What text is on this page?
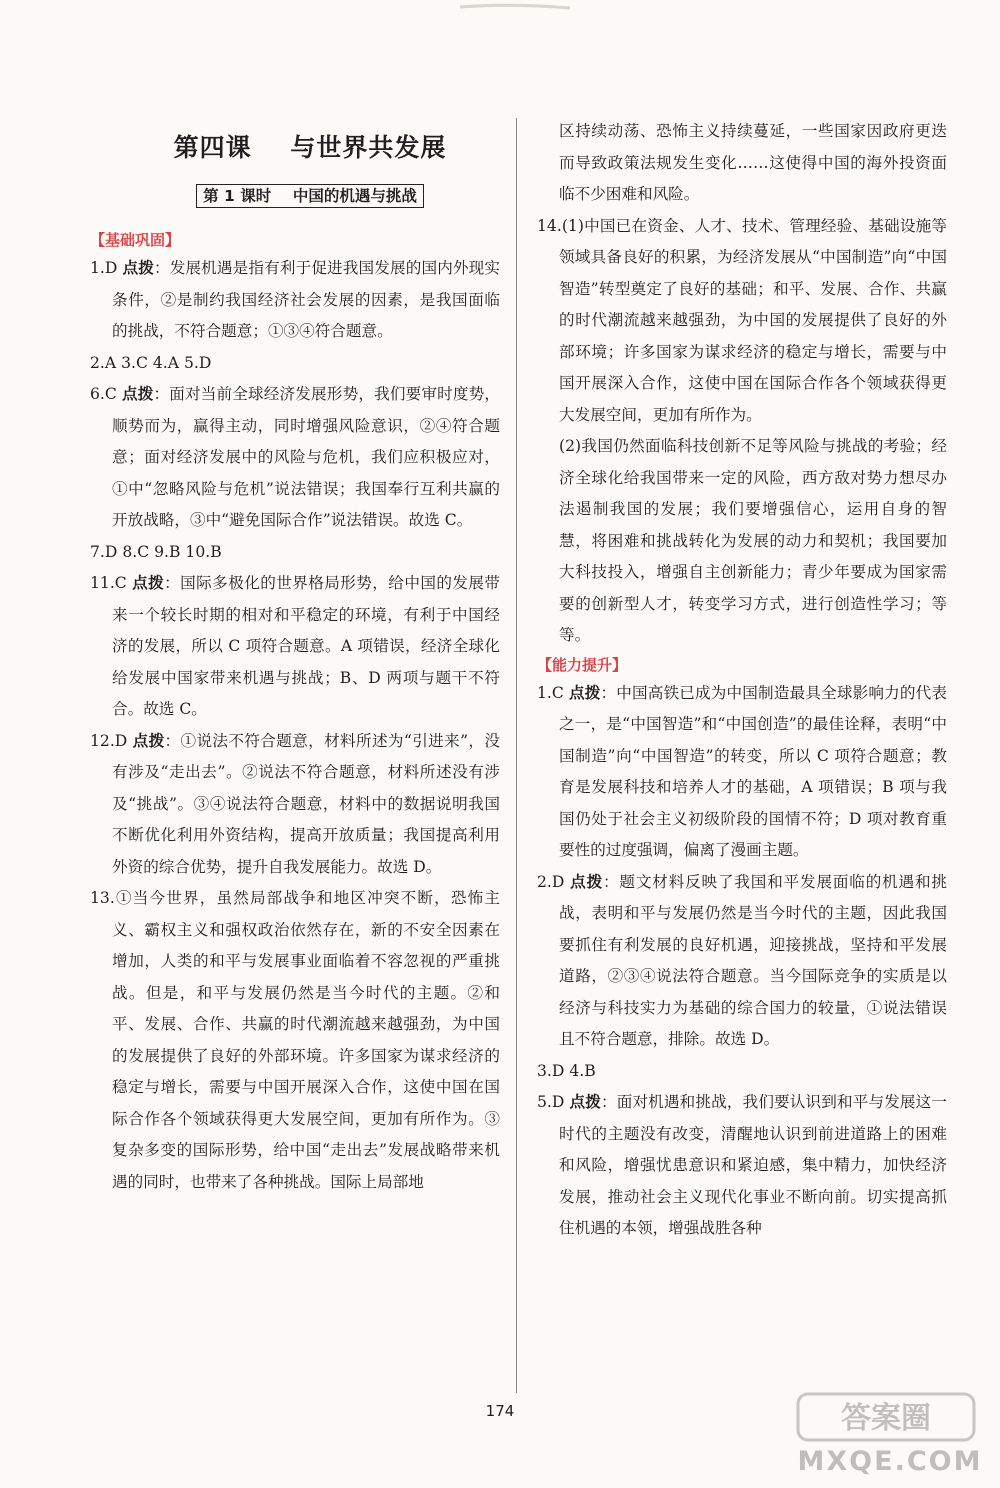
第四课    与世界共发展
第 1 课时    中国的机遇与挑战
【基础巩固】

1.D 点拨：发展机遇是指有利于促进我国发展的国内外现实条件，②是制约我国经济社会发展的因素，是我国面临的挑战，不符合题意；①③④符合题意。

2.A 3.C 4.A 5.D

6.C 点拨：面对当前全球经济发展形势，我们要审时度势，顺势而为，赢得主动，同时增强风险意识，②④符合题意；面对经济发展中的风险与危机，我们应积极应对，①中“忽略风险与危机”说法错误；我国奉行互利共赢的开放战略，③中“避免国际合作”说法错误。故选 C。

7.D 8.C 9.B 10.B

11.C 点拨：国际多极化的世界格局形势，给中国的发展带来一个较长时期的相对和平稳定的环境，有利于中国经济的发展，所以 C 项符合题意。A 项错误，经济全球化给发展中国家带来机遇与挑战；B、D 两项与题干不符合。故选 C。

12.D 点拨：①说法不符合题意，材料所述为“引进来”，没有涉及“走出去”。②说法不符合题意，材料所述没有涉及“挑战”。③④说法符合题意，材料中的数据说明我国不断优化利用外资结构，提高开放质量；我国提高利用外资的综合优势，提升自我发展能力。故选 D。

13.①当今世界，虽然局部战争和地区冲突不断，恐怖主义、霸权主义和强权政治依然存在，新的不安全因素在增加，人类的和平与发展事业面临着不容忽视的严重挑战。但是，和平与发展仍然是当今时代的主题。②和平、发展、合作、共赢的时代潮流越来越强劲，为中国的发展提供了良好的外部环境。许多国家为谋求经济的稳定与增长，需要与中国开展深入合作，这使中国在国际合作各个领域获得更大发展空间，更加有所作为。③复杂多变的国际形势，给中国“走出去”发展战略带来机遇的同时，也带来了各种挑战。国际上局部地

区持续动荡、恐怖主义持续蔓延，一些国家因政府更迭而导致政策法规发生变化……这使得中国的海外投资面临不少困难和风险。

14.(1)中国已在资金、人才、技术、管理经验、基础设施等领域具备良好的积累，为经济发展从“中国制造”向“中国智造”转型奠定了良好的基础；和平、发展、合作、共赢的时代潮流越来越强劲，为中国的发展提供了良好的外部环境；许多国家为谋求经济的稳定与增长，需要与中国开展深入合作，这使中国在国际合作各个领域获得更大发展空间，更加有所作为。

(2)我国仍然面临科技创新不足等风险与挑战的考验；经济全球化给我国带来一定的风险，西方敌对势力想尽办法遏制我国的发展；我们要增强信心，运用自身的智慧，将困难和挑战转化为发展的动力和契机；我国要加大科技投入，增强自主创新能力；青少年要成为国家需要的创新型人才，转变学习方式，进行创造性学习；等等。

【能力提升】

1.C 点拨：中国高铁已成为中国制造最具全球影响力的代表之一，是“中国智造”和“中国创造”的最佳诠释，表明“中国制造”向“中国智造”的转变，所以 C 项符合题意；教育是发展科技和培养人才的基础，A 项错误；B 项与我国仍处于社会主义初级阶段的国情不符；D 项对教育重要性的过度强调，偏离了漫画主题。

2.D 点拨：题文材料反映了我国和平发展面临的机遇和挑战，表明和平与发展仍然是当今时代的主题，因此我国要抓住有利发展的良好机遇，迎接挑战，坚持和平发展道路，②③④说法符合题意。当今国际竞争的实质是以经济与科技实力为基础的综合国力的较量，①说法错误且不符合题意，排除。故选 D。

3.D 4.B

5.D 点拨：面对机遇和挑战，我们要认识到和平与发展这一时代的主题没有改变，清醒地认识到前进道路上的困难和风险，增强忧患意识和紧迫感，集中精力，加快经济发展，推动社会主义现代化事业不断向前。切实提高抓住机遇的本领，增强战胜各种

174	答案圈
MXQE.COM
